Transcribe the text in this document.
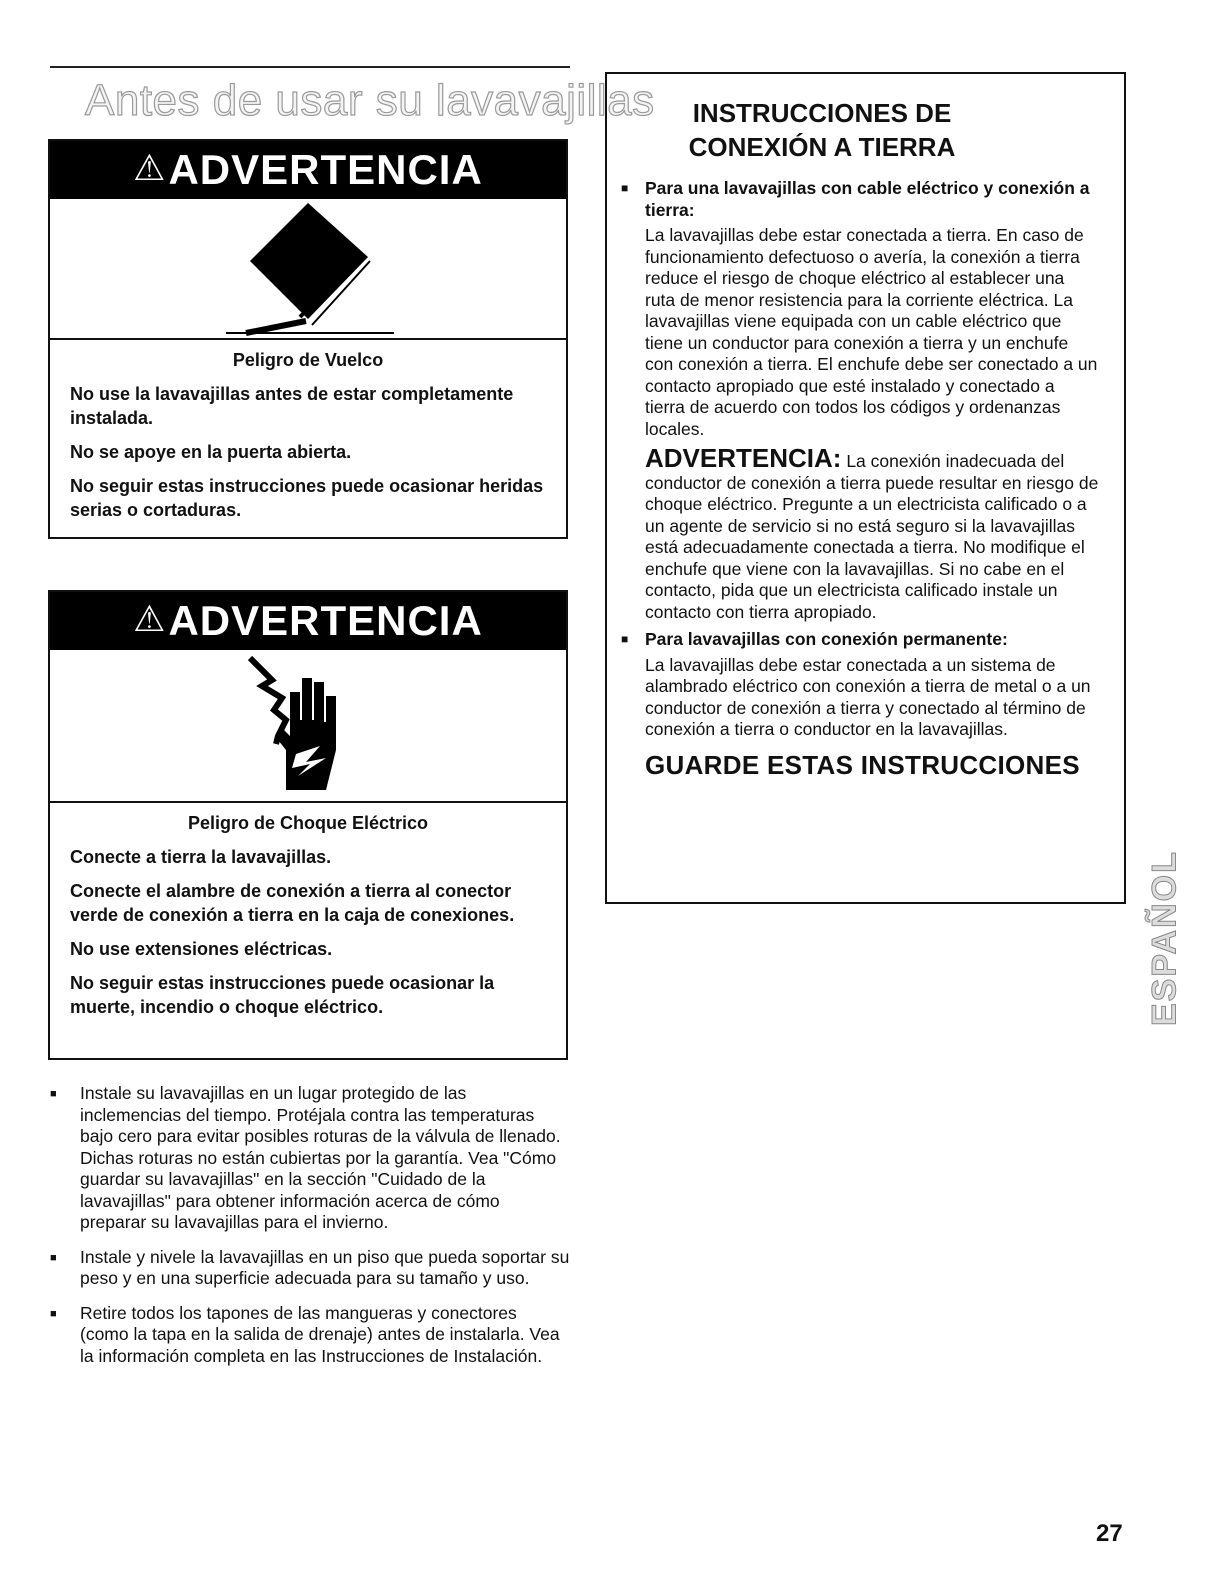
Antes de usar su lavavajillas
⚠ ADVERTENCIA

Peligro de Vuelco

No use la lavavajillas antes de estar completamente instalada.

No se apoye en la puerta abierta.

No seguir estas instrucciones puede ocasionar heridas serias o cortaduras.

⚠ ADVERTENCIA

Peligro de Choque Eléctrico

Conecte a tierra la lavavajillas.

Conecte el alambre de conexión a tierra al conector verde de conexión a tierra en la caja de conexiones.

No use extensiones eléctricas.

No seguir estas instrucciones puede ocasionar la muerte, incendio o choque eléctrico.

INSTRUCCIONES DE
CONEXIÓN A TIERRA

■ Para una lavavajillas con cable eléctrico y conexión a tierra:

La lavavajillas debe estar conectada a tierra. En caso de funcionamiento defectuoso o avería, la conexión a tierra reduce el riesgo de choque eléctrico al establecer una ruta de menor resistencia para la corriente eléctrica. La lavavajillas viene equipada con un cable eléctrico que tiene un conductor para conexión a tierra y un enchufe con conexión a tierra. El enchufe debe ser conectado a un contacto apropiado que esté instalado y conectado a tierra de acuerdo con todos los códigos y ordenanzas locales.

ADVERTENCIA: La conexión inadecuada del conductor de conexión a tierra puede resultar en riesgo de choque eléctrico. Pregunte a un electricista calificado o a un agente de servicio si no está seguro si la lavavajillas está adecuadamente conectada a tierra. No modifique el enchufe que viene con la lavavajillas. Si no cabe en el contacto, pida que un electricista calificado instale un contacto con tierra apropiado.

■ Para lavavajillas con conexión permanente:

La lavavajillas debe estar conectada a un sistema de alambrado eléctrico con conexión a tierra de metal o a un conductor de conexión a tierra y conectado al término de conexión a tierra o conductor en la lavavajillas.

GUARDE ESTAS INSTRUCCIONES
■ Instale su lavavajillas en un lugar protegido de las inclemencias del tiempo. Protéjala contra las temperaturas bajo cero para evitar posibles roturas de la válvula de llenado. Dichas roturas no están cubiertas por la garantía. Vea "Cómo guardar su lavavajillas" en la sección "Cuidado de la lavavajillas" para obtener información acerca de cómo preparar su lavavajillas para el invierno.
■ Instale y nivele la lavavajillas en un piso que pueda soportar su peso y en una superficie adecuada para su tamaño y uso.
■ Retire todos los tapones de las mangueras y conectores (como la tapa en la salida de drenaje) antes de instalarla. Vea la información completa en las Instrucciones de Instalación.
ESPAÑOL
27
